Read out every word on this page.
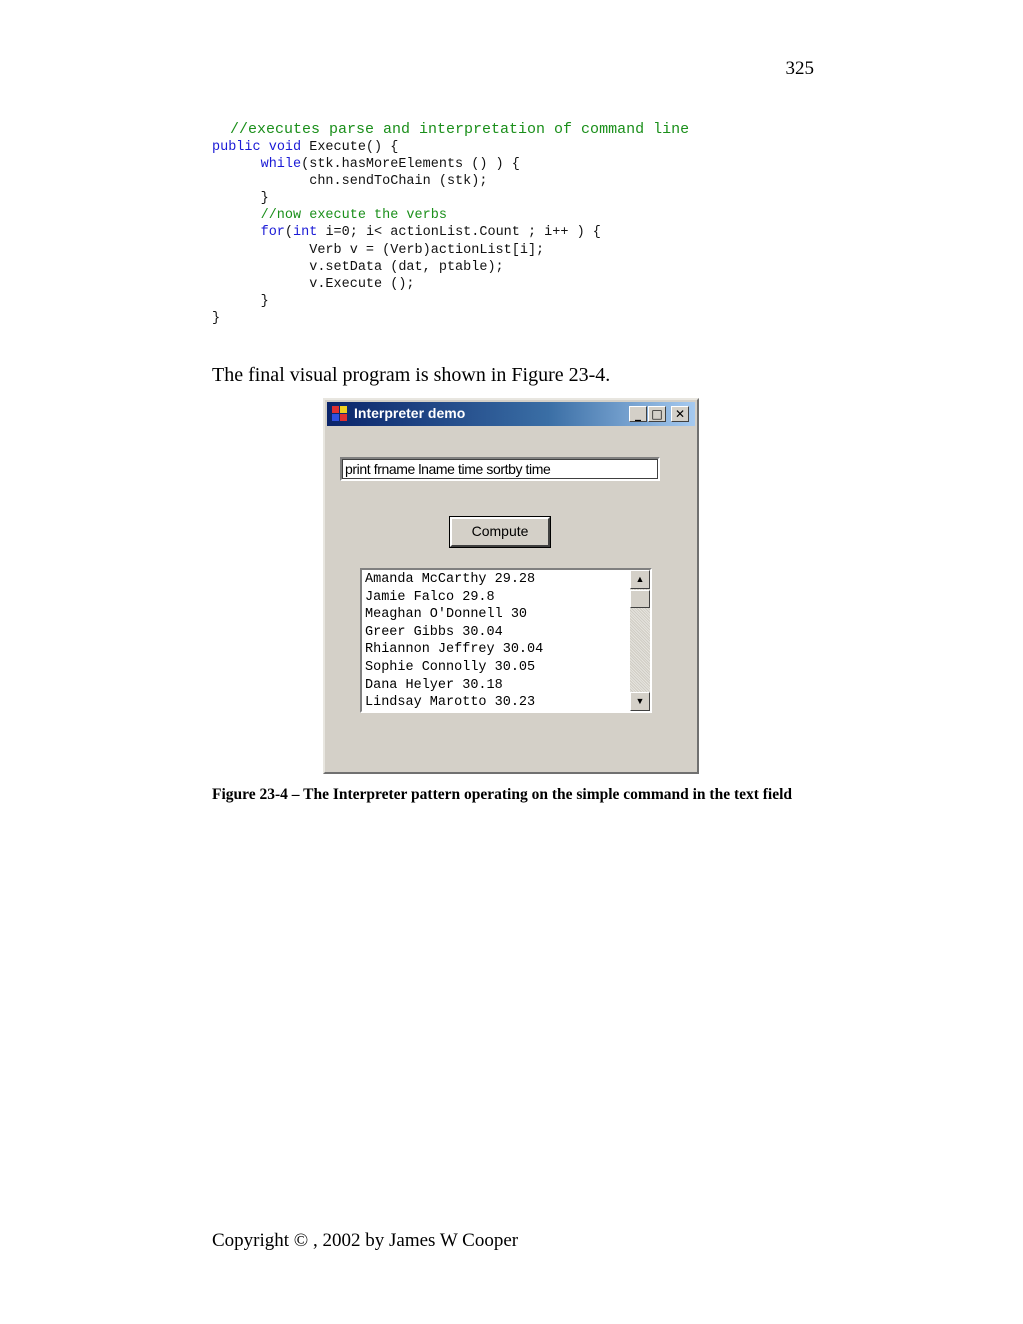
325
//executes parse and interpretation of command line
public void Execute() {
while(stk.hasMoreElements () ) {
chn.sendToChain (stk);
}
//now execute the verbs
for(int i=0; i< actionList.Count ; i++ ) {
Verb v = (Verb)actionList[i];
v.setData (dat, ptable);
v.Execute ();
}
}
The final visual program is shown in Figure 23-4.
Interpreter demo	_ □	✕
print frname lname time sortby time
Compute
Amanda McCarthy 29.28
Jamie Falco 29.8
Meaghan O'Donnell 30
Greer Gibbs 30.04
Rhiannon Jeffrey 30.04
Sophie Connolly 30.05
Dana Helyer 30.18
Lindsay Marotto 30.23
▲
▼
Figure 23-4 – The Interpreter pattern operating on the simple command in the text field
Copyright © , 2002 by James W Cooper
